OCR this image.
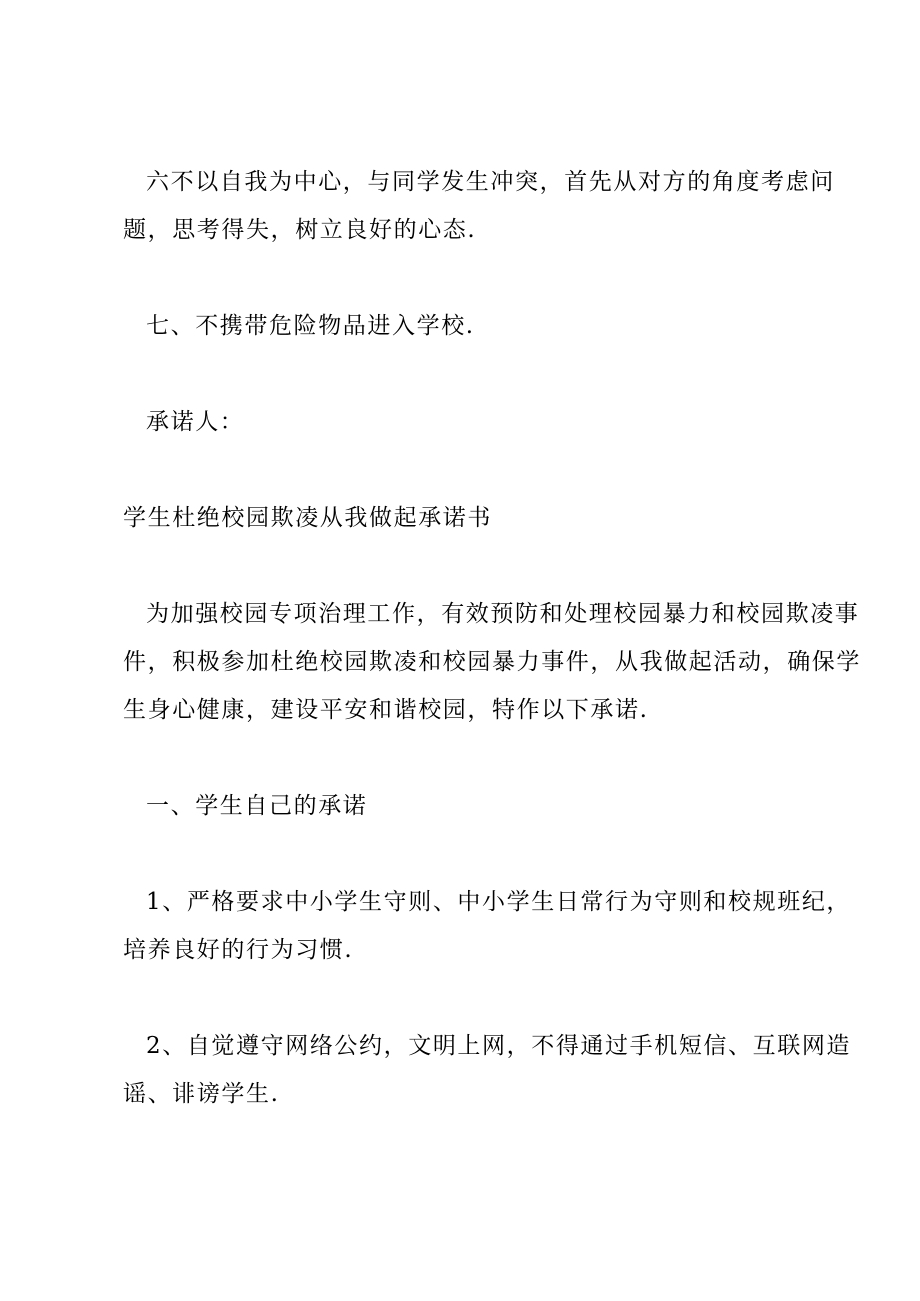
六不以自我为中心，与同学发生冲突，首先从对方的角度考虑问
题，思考得失，树立良好的心态.

七、不携带危险物品进入学校.

承诺人：

学生杜绝校园欺凌从我做起承诺书

为加强校园专项治理工作，有效预防和处理校园暴力和校园欺凌事
件，积极参加杜绝校园欺凌和校园暴力事件，从我做起活动，确保学
生身心健康，建设平安和谐校园，特作以下承诺.

一、学生自己的承诺

1、严格要求中小学生守则、中小学生日常行为守则和校规班纪，
培养良好的行为习惯.

2、自觉遵守网络公约，文明上网，不得通过手机短信、互联网造
谣、诽谤学生.
